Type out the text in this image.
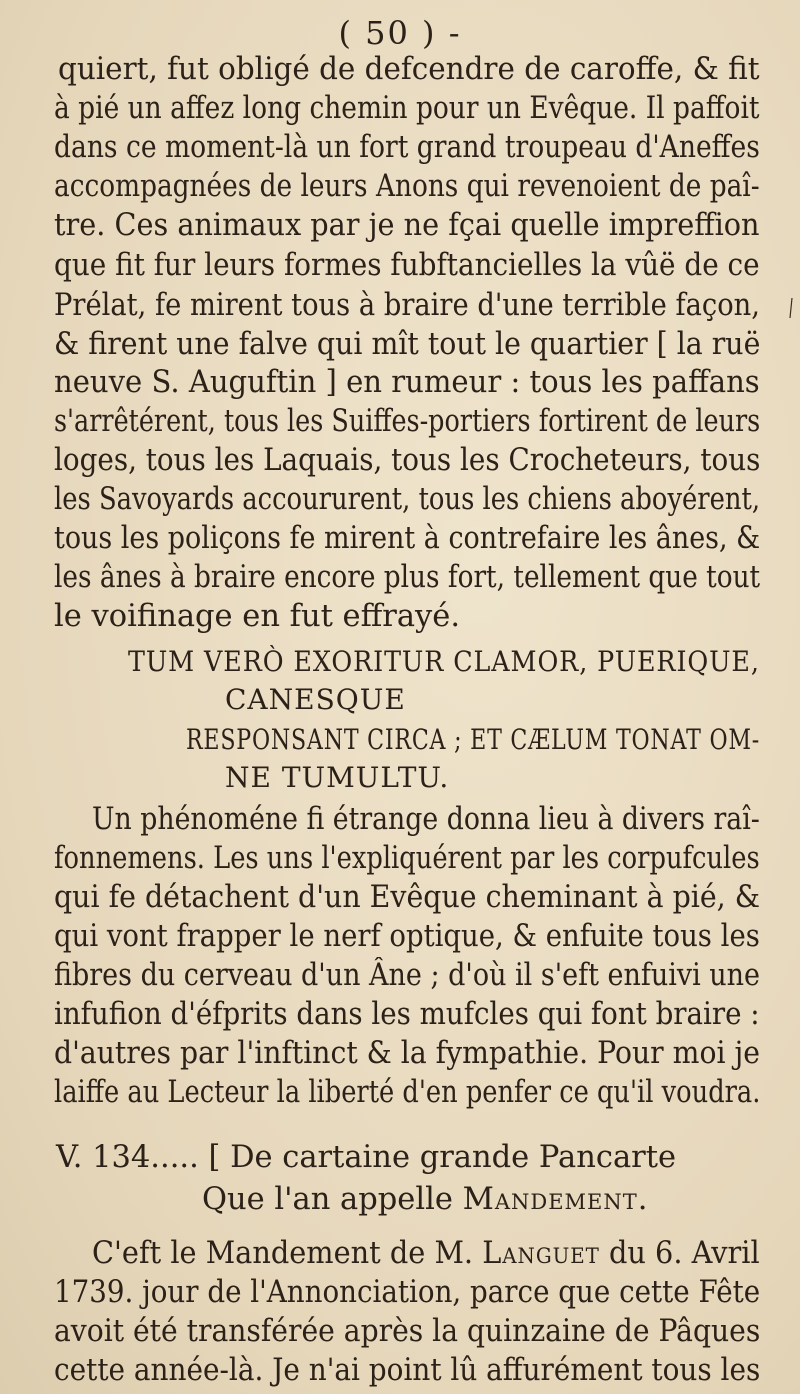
( 50 ) -
quiert, fut obligé de defcendre de caroffe, & fit
à pié un affez long chemin pour un Evêque. Il paffoit
dans ce moment-là un fort grand troupeau d'Aneffes
accompagnées de leurs Anons qui revenoient de paî-
tre. Ces animaux par je ne fçai quelle impreffion
que fit fur leurs formes fubftancielles la vûë de ce
Prélat, fe mirent tous à braire d'une terrible façon,
& firent une falve qui mît tout le quartier [ la ruë
neuve S. Auguftin ] en rumeur : tous les paffans
s'arrêtérent, tous les Suiffes-portiers fortirent de leurs
loges, tous les Laquais, tous les Crocheteurs, tous
les Savoyards accoururent, tous les chiens aboyérent,
tous les poliçons fe mirent à contrefaire les ânes, &
les ânes à braire encore plus fort, tellement que tout
le voifinage en fut effrayé.
TUM VERÒ EXORITUR CLAMOR, PUERIQUE,
CANESQUE
RESPONSANT CIRCA ; ET CÆLUM TONAT OM-
NE TUMULTU.
Un phénoméne fi étrange donna lieu à divers raî-
fonnemens. Les uns l'expliquérent par les corpufcules
qui fe détachent d'un Evêque cheminant à pié, &
qui vont frapper le nerf optique, & enfuite tous les
fibres du cerveau d'un Âne ; d'où il s'eft enfuivi une
infufion d'éfprits dans les mufcles qui font braire :
d'autres par l'inftinct & la fympathie. Pour moi je
laiffe au Lecteur la liberté d'en penfer ce qu'il voudra.
V. 134..... [ De cartaine grande Pancarte
Que l'an appelle Mandement.
C'eft le Mandement de M. Languet du 6. Avril
1739. jour de l'Annonciation, parce que cette Fête
avoit été transférée après la quinzaine de Pâques
cette année-là. Je n'ai point lû affurément tous les
